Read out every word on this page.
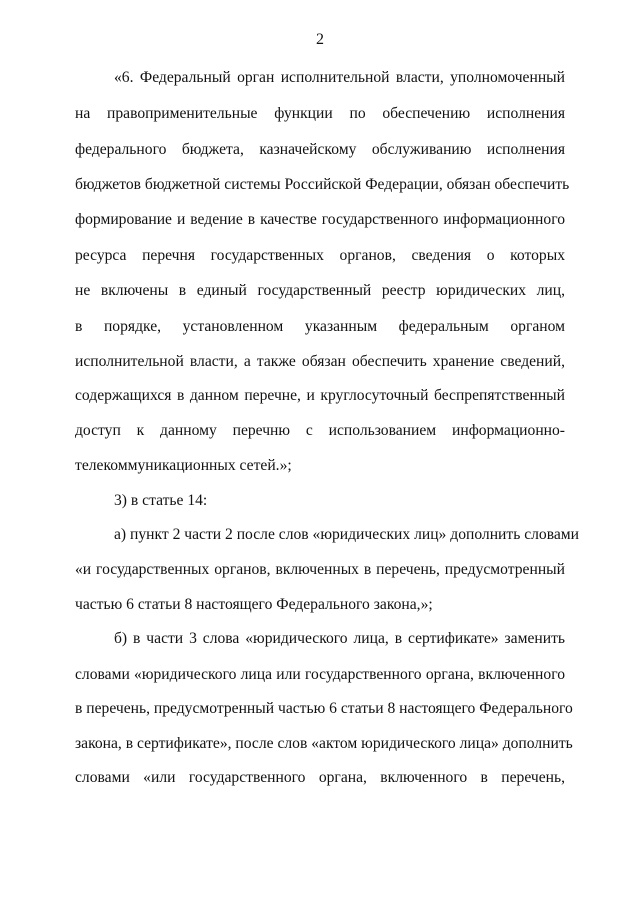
2
«6. Федеральный орган исполнительной власти, уполномоченный
на правоприменительные функции по обеспечению исполнения
федерального бюджета, казначейскому обслуживанию исполнения
бюджетов бюджетной системы Российской Федерации, обязан обеспечить
формирование и ведение в качестве государственного информационного
ресурса перечня государственных органов, сведения о которых
не включены в единый государственный реестр юридических лиц,
в порядке, установленном указанным федеральным органом
исполнительной власти, а также обязан обеспечить хранение сведений,
содержащихся в данном перечне, и круглосуточный беспрепятственный
доступ к данному перечню с использованием информационно-
телекоммуникационных сетей.»;
3) в статье 14:
а) пункт 2 части 2 после слов «юридических лиц» дополнить словами
«и государственных органов, включенных в перечень, предусмотренный
частью 6 статьи 8 настоящего Федерального закона,»;
б) в части 3 слова «юридического лица, в сертификате» заменить
словами «юридического лица или государственного органа, включенного
в перечень, предусмотренный частью 6 статьи 8 настоящего Федерального
закона, в сертификате», после слов «актом юридического лица» дополнить
словами «или государственного органа, включенного в перечень,
